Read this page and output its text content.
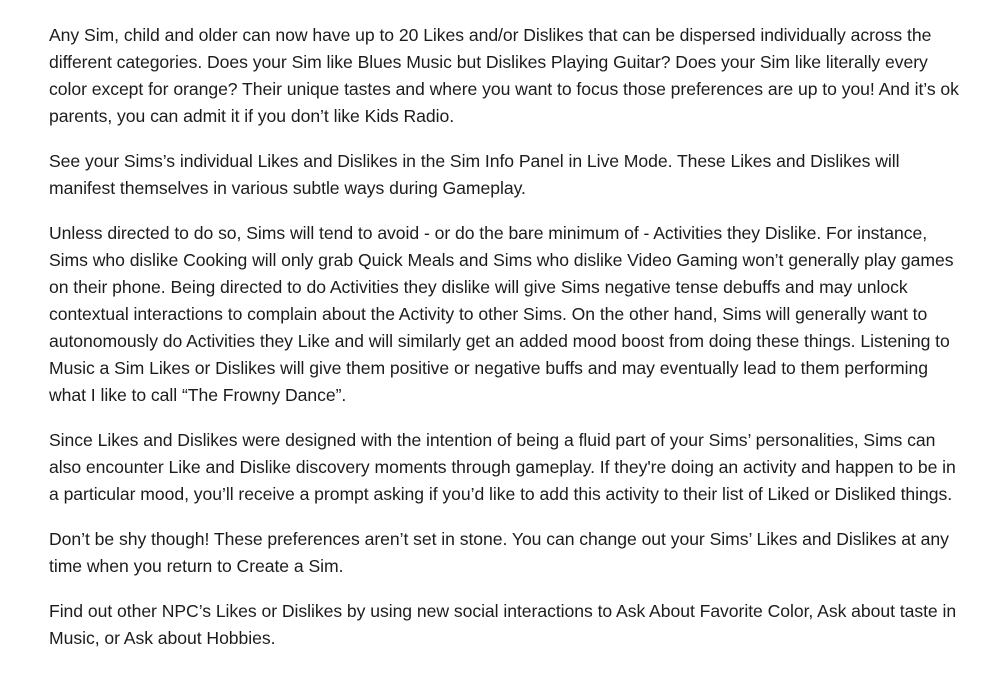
Any Sim, child and older can now have up to 20 Likes and/or Dislikes that can be dispersed individually across the different categories. Does your Sim like Blues Music but Dislikes Playing Guitar? Does your Sim like literally every color except for orange? Their unique tastes and where you want to focus those preferences are up to you! And it’s ok parents, you can admit it if you don’t like Kids Radio.

See your Sims’s individual Likes and Dislikes in the Sim Info Panel in Live Mode. These Likes and Dislikes will manifest themselves in various subtle ways during Gameplay.

Unless directed to do so, Sims will tend to avoid - or do the bare minimum of - Activities they Dislike. For instance, Sims who dislike Cooking will only grab Quick Meals and Sims who dislike Video Gaming won’t generally play games on their phone. Being directed to do Activities they dislike will give Sims negative tense debuffs and may unlock contextual interactions to complain about the Activity to other Sims. On the other hand, Sims will generally want to autonomously do Activities they Like and will similarly get an added mood boost from doing these things. Listening to Music a Sim Likes or Dislikes will give them positive or negative buffs and may eventually lead to them performing what I like to call “The Frowny Dance”.

Since Likes and Dislikes were designed with the intention of being a fluid part of your Sims’ personalities, Sims can also encounter Like and Dislike discovery moments through gameplay. If they're doing an activity and happen to be in a particular mood, you’ll receive a prompt asking if you’d like to add this activity to their list of Liked or Disliked things.

Don’t be shy though! These preferences aren’t set in stone. You can change out your Sims’ Likes and Dislikes at any time when you return to Create a Sim.

Find out other NPC’s Likes or Dislikes by using new social interactions to Ask About Favorite Color, Ask about taste in Music, or Ask about Hobbies.
